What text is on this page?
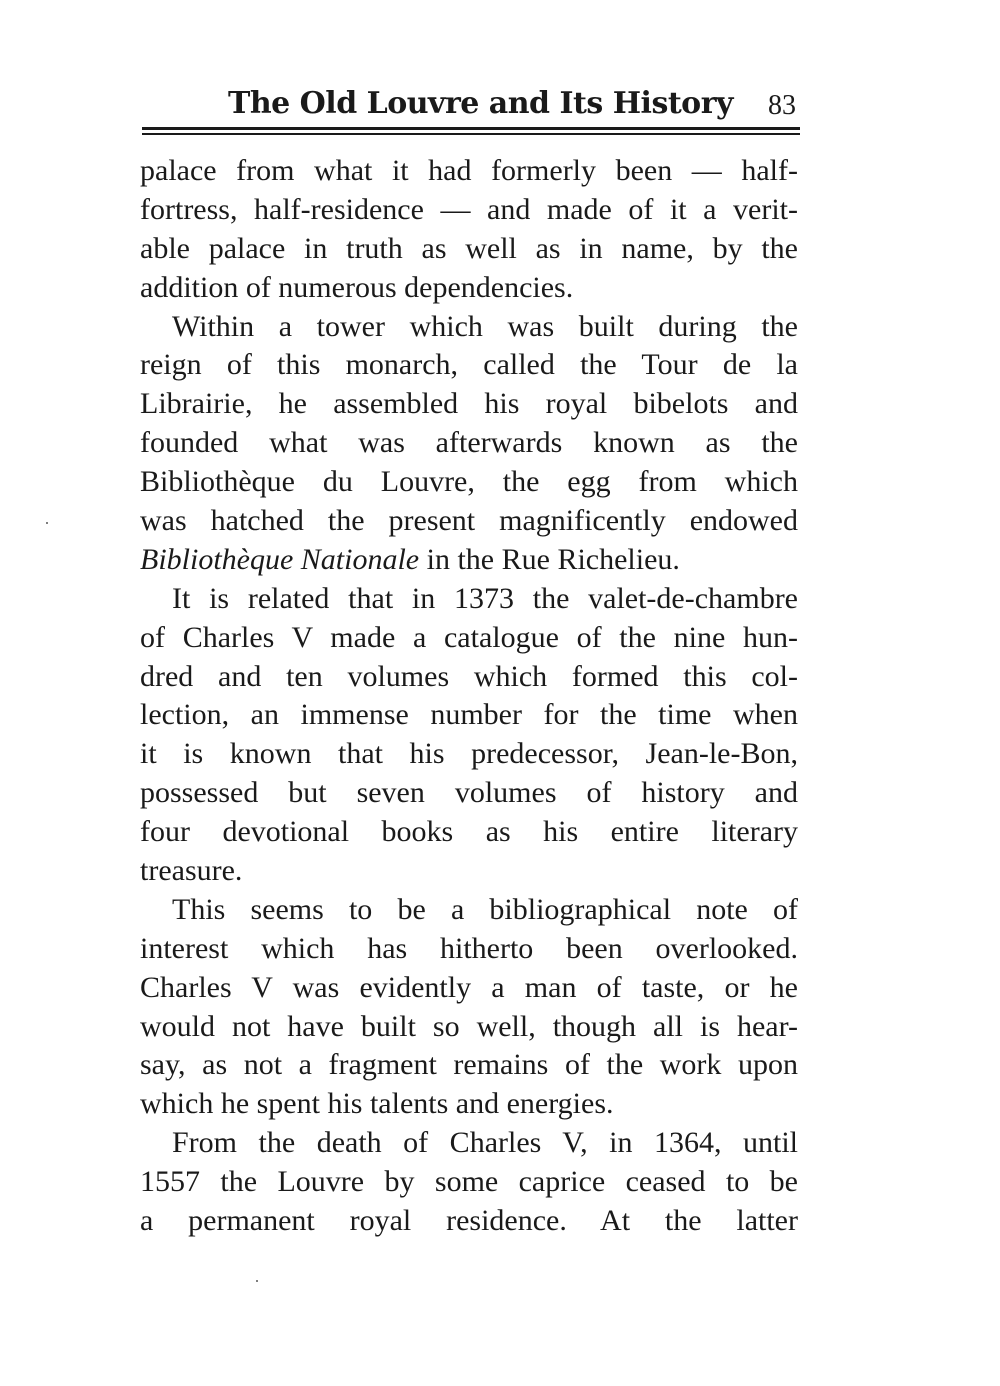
The Old Louvre and Its History 83
palace from what it had formerly been — half-
fortress, half-residence — and made of it a verit-
able palace in truth as well as in name, by the
addition of numerous dependencies.
Within a tower which was built during the
reign of this monarch, called the Tour de la
Librairie, he assembled his royal bibelots and
founded what was afterwards known as the
Bibliothèque du Louvre, the egg from which
was hatched the present magnificently endowed
Bibliothèque Nationale in the Rue Richelieu.
It is related that in 1373 the valet-de-chambre
of Charles V made a catalogue of the nine hun-
dred and ten volumes which formed this col-
lection, an immense number for the time when
it is known that his predecessor, Jean-le-Bon,
possessed but seven volumes of history and
four devotional books as his entire literary
treasure.
This seems to be a bibliographical note of
interest which has hitherto been overlooked.
Charles V was evidently a man of taste, or he
would not have built so well, though all is hear-
say, as not a fragment remains of the work upon
which he spent his talents and energies.
From the death of Charles V, in 1364, until
1557 the Louvre by some caprice ceased to be
a permanent royal residence. At the latter
